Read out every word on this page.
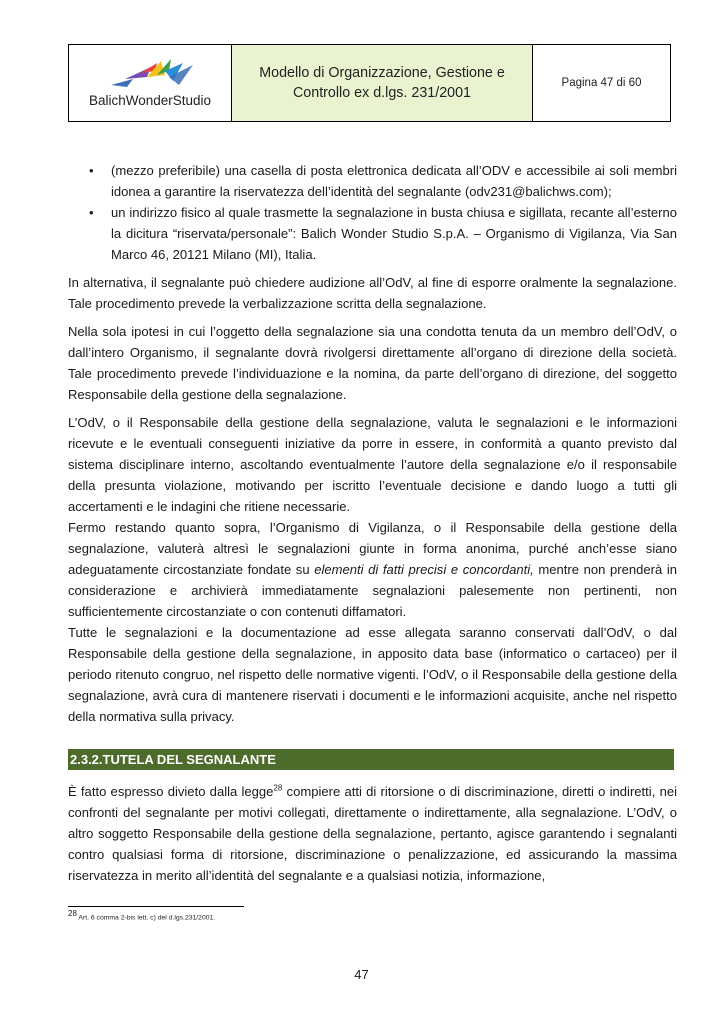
BalichWonderStudio
Modello di Organizzazione, Gestione e
Controllo ex d.lgs. 231/2001
Pagina 47 di 60
• (mezzo preferibile) una casella di posta elettronica dedicata all’ODV e accessibile ai soli membri idonea a garantire la riservatezza dell’identità del segnalante (odv231@balichws.com);
• un indirizzo fisico al quale trasmette la segnalazione in busta chiusa e sigillata, recante all’esterno la dicitura “riservata/personale”: Balich Wonder Studio S.p.A. – Organismo di Vigilanza, Via San Marco 46, 20121 Milano (MI), Italia.

In alternativa, il segnalante può chiedere audizione all’OdV, al fine di esporre oralmente la segnalazione. Tale procedimento prevede la verbalizzazione scritta della segnalazione.

Nella sola ipotesi in cui l’oggetto della segnalazione sia una condotta tenuta da un membro dell’OdV, o dall’intero Organismo, il segnalante dovrà rivolgersi direttamente all’organo di direzione della società. Tale procedimento prevede l’individuazione e la nomina, da parte dell’organo di direzione, del soggetto Responsabile della gestione della segnalazione.

L’OdV, o il Responsabile della gestione della segnalazione, valuta le segnalazioni e le informazioni ricevute e le eventuali conseguenti iniziative da porre in essere, in conformità a quanto previsto dal sistema disciplinare interno, ascoltando eventualmente l’autore della segnalazione e/o il responsabile della presunta violazione, motivando per iscritto l’eventuale decisione e dando luogo a tutti gli accertamenti e le indagini che ritiene necessarie.

Fermo restando quanto sopra, l’Organismo di Vigilanza, o il Responsabile della gestione della segnalazione, valuterà altresì le segnalazioni giunte in forma anonima, purché anch’esse siano adeguatamente circostanziate fondate su elementi di fatti precisi e concordanti, mentre non prenderà in considerazione e archivierà immediatamente segnalazioni palesemente non pertinenti, non sufficientemente circostanziate o con contenuti diffamatori.

Tutte le segnalazioni e la documentazione ad esse allegata saranno conservati dall’OdV, o dal Responsabile della gestione della segnalazione, in apposito data base (informatico o cartaceo) per il periodo ritenuto congruo, nel rispetto delle normative vigenti. l’OdV, o il Responsabile della gestione della segnalazione, avrà cura di mantenere riservati i documenti e le informazioni acquisite, anche nel rispetto della normativa sulla privacy.

2.3.2.TUTELA DEL SEGNALANTE

È fatto espresso divieto dalla legge$^{28}$ compiere atti di ritorsione o di discriminazione, diretti o indiretti, nei confronti del segnalante per motivi collegati, direttamente o indirettamente, alla segnalazione. L’OdV, o altro soggetto Responsabile della gestione della segnalazione, pertanto, agisce garantendo i segnalanti contro qualsiasi forma di ritorsione, discriminazione o penalizzazione, ed assicurando la massima riservatezza in merito all’identità del segnalante e a qualsiasi notizia, informazione,

$^{28}$ Art. 6 comma 2-bis lett. c) del d.lgs.231/2001.
47
